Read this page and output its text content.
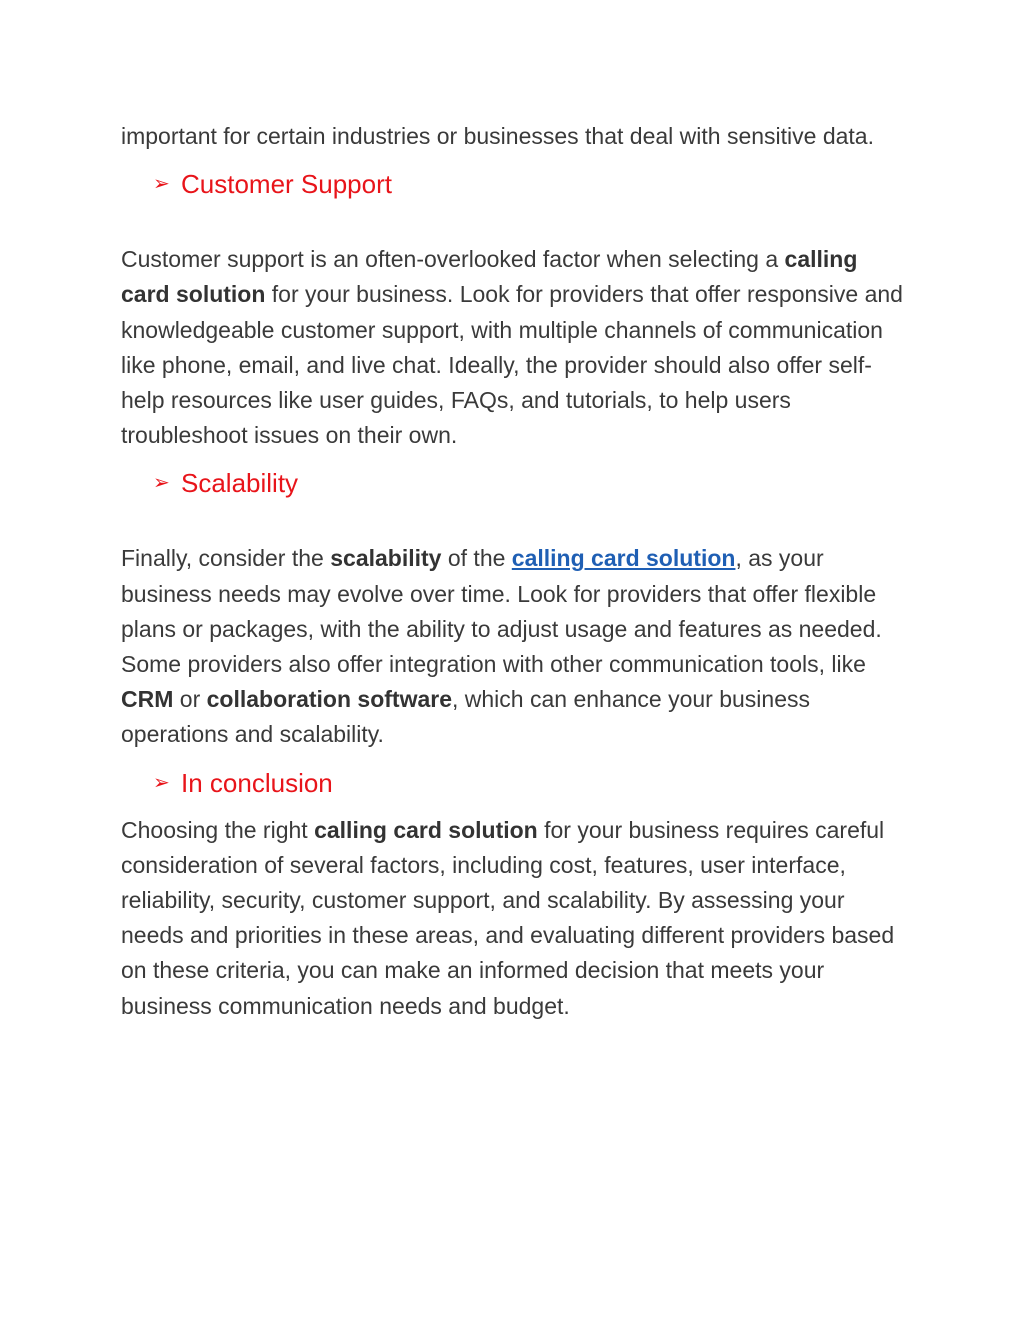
important for certain industries or businesses that deal with sensitive data.

➢ Customer Support

Customer support is an often-overlooked factor when selecting a calling card solution for your business. Look for providers that offer responsive and knowledgeable customer support, with multiple channels of communication like phone, email, and live chat. Ideally, the provider should also offer self-help resources like user guides, FAQs, and tutorials, to help users troubleshoot issues on their own.

➢ Scalability

Finally, consider the scalability of the calling card solution, as your business needs may evolve over time. Look for providers that offer flexible plans or packages, with the ability to adjust usage and features as needed. Some providers also offer integration with other communication tools, like CRM or collaboration software, which can enhance your business operations and scalability.

➢ In conclusion

Choosing the right calling card solution for your business requires careful consideration of several factors, including cost, features, user interface, reliability, security, customer support, and scalability. By assessing your needs and priorities in these areas, and evaluating different providers based on these criteria, you can make an informed decision that meets your business communication needs and budget.
